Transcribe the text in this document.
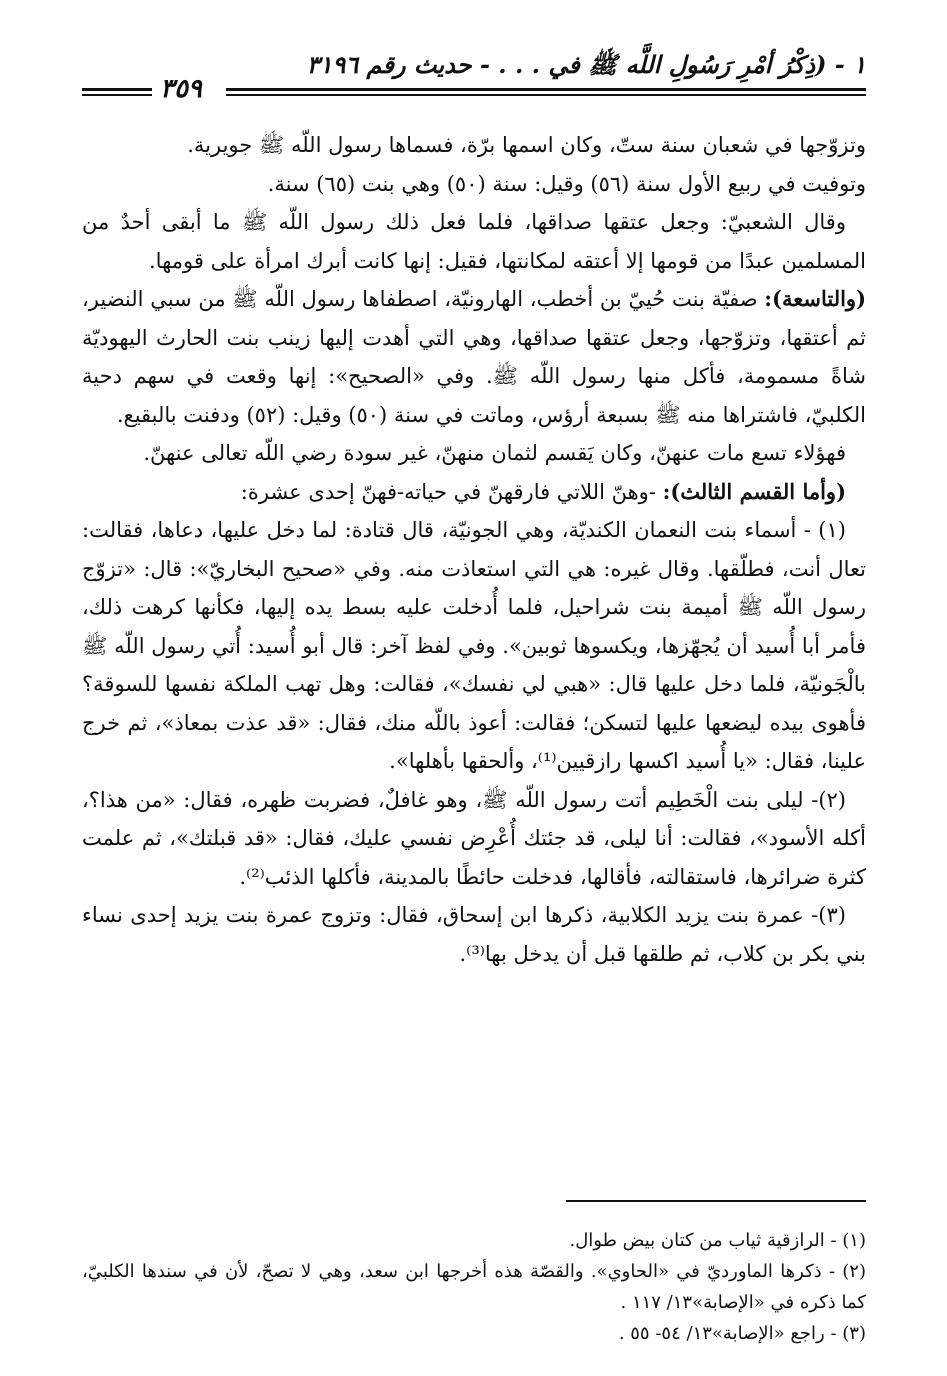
١ - (ذِكْرُ أمْرِ رَسُولِ اللَّه ﷺ في . . . - حديث رقم ٣١٩٦
٣٥٩

وتزوّجها في شعبان سنة ستّ، وكان اسمها برّة، فسماها رسول اللّه ﷺ جويرية.

وتوفيت في ربيع الأول سنة (٥٦) وقيل: سنة (٥٠) وهي بنت (٦٥) سنة.

وقال الشعبيّ: وجعل عتقها صداقها، فلما فعل ذلك رسول اللّه ﷺ ما أبقى أحدٌ من المسلمين عبدًا من قومها إلا أعتقه لمكانتها، فقيل: إنها كانت أبرك امرأة على قومها.

(والتاسعة): صفيّة بنت حُييّ بن أخطب، الهارونيّة، اصطفاها رسول اللّه ﷺ من سبي النضير، ثم أعتقها، وتزوّجها، وجعل عتقها صداقها، وهي التي أهدت إليها زينب بنت الحارث اليهوديّة شاةً مسمومة، فأكل منها رسول اللّه ﷺ. وفي «الصحيح»: إنها وقعت في سهم دحية الكلبيّ، فاشتراها منه ﷺ بسبعة أرؤس، وماتت في سنة (٥٠) وقيل: (٥٢) ودفنت بالبقيع.

فهؤلاء تسع مات عنهنّ، وكان يَقسم لثمان منهنّ، غير سودة رضي اللّه تعالى عنهنّ.

(وأما القسم الثالث): -وهنّ اللاتي فارقهنّ في حياته-فهنّ إحدى عشرة:

(١) - أسماء بنت النعمان الكنديّة، وهي الجونيّة، قال قتادة: لما دخل عليها، دعاها، فقالت: تعال أنت، فطلّقها. وقال غيره: هي التي استعاذت منه. وفي «صحيح البخاريّ»: قال: «تزوّج رسول اللّه ﷺ أميمة بنت شراحيل، فلما أُدخلت عليه بسط يده إليها، فكأنها كرهت ذلك، فأمر أبا أُسيد أن يُجهّزها، ويكسوها ثوبين». وفي لفظ آخر: قال أبو أُسيد: أُتي رسول اللّه ﷺ بالْجَونيّة، فلما دخل عليها قال: «هبي لي نفسك»، فقالت: وهل تهب الملكة نفسها للسوقة؟ فأهوى بيده ليضعها عليها لتسكن؛ فقالت: أعوذ باللّه منك، فقال: «قد عذت بمعاذ»، ثم خرج علينا، فقال: «يا أُسيد اكسها رازقيين⁽¹⁾، وألحقها بأهلها».

(٢)- ليلى بنت الْخَطِيم أتت رسول اللّه ﷺ، وهو غافلٌ، فضربت ظهره، فقال: «من هذا؟، أكله الأسود»، فقالت: أنا ليلى، قد جئتك أُعْرِض نفسي عليك، فقال: «قد قبلتك»، ثم علمت كثرة ضرائرها، فاستقالته، فأقالها، فدخلت حائطًا بالمدينة، فأكلها الذئب⁽²⁾.

(٣)- عمرة بنت يزيد الكلابية، ذكرها ابن إسحاق، فقال: وتزوج عمرة بنت يزيد إحدى نساء بني بكر بن كلاب، ثم طلقها قبل أن يدخل بها⁽³⁾.

(١) - الرازقية ثياب من كتان بيض طوال.

(٢) - ذكرها الماورديّ في «الحاوي». والقصّة هذه أخرجها ابن سعد، وهي لا تصحّ، لأن في سندها الكلبيّ، كما ذكره في «الإصابة»١٣/ ١١٧ .

(٣) - راجع «الإصابة»١٣/ ٥٤- ٥٥ .
